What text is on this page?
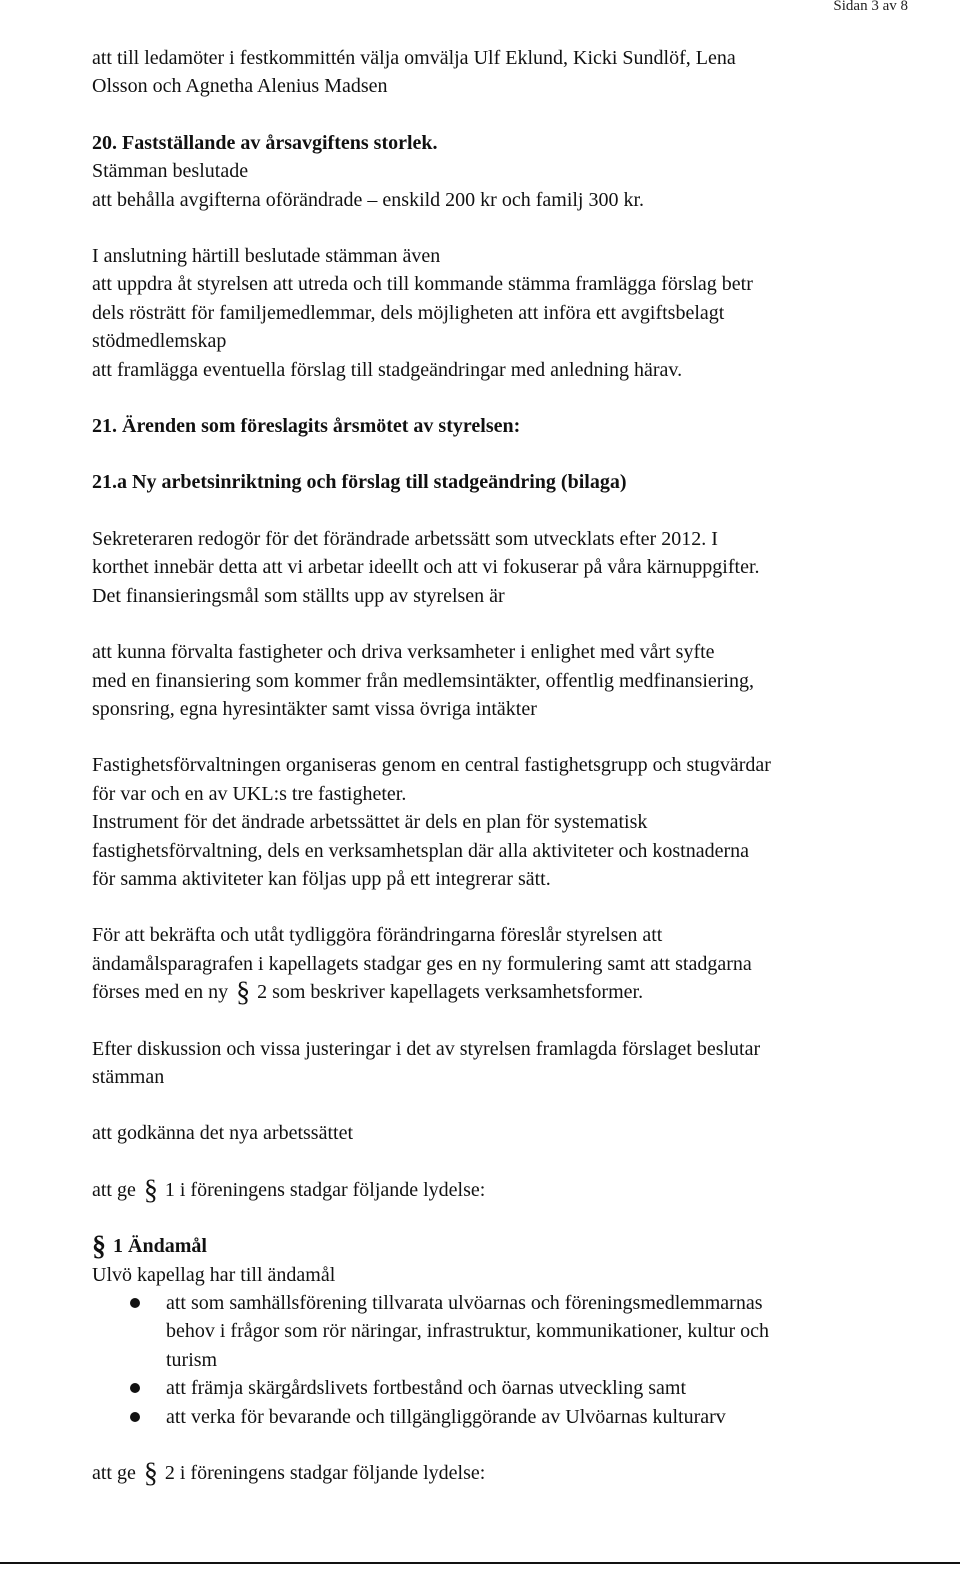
Sidan 3 av 8
att till ledamöter i festkommittén välja omvälja Ulf Eklund, Kicki Sundlöf, Lena
Olsson och Agnetha Alenius Madsen
20. Fastställande av årsavgiftens storlek.
Stämman beslutade
att behålla avgifterna oförändrade – enskild 200 kr och familj 300 kr.
I anslutning härtill beslutade stämman även
att uppdra åt styrelsen att utreda och till kommande stämma framlägga förslag betr
dels rösträtt för familjemedlemmar, dels möjligheten att införa ett avgiftsbelagt
stödmedlemskap
att framlägga eventuella förslag till stadgeändringar med anledning härav.
21. Ärenden som föreslagits årsmötet av styrelsen:
21.a Ny arbetsinriktning och förslag till stadgeändring (bilaga)
Sekreteraren redogör för det förändrade arbetssätt som utvecklats efter 2012. I
korthet innebär detta att vi arbetar ideellt och att vi fokuserar på våra kärnuppgifter.
Det finansieringsmål som ställts upp av styrelsen är
att kunna förvalta fastigheter och driva verksamheter i enlighet med vårt syfte
med en finansiering som kommer från medlemsintäkter, offentlig medfinansiering,
sponsring, egna hyresintäkter samt vissa övriga intäkter
Fastighetsförvaltningen organiseras genom en central fastighetsgrupp och stugvärdar
för var och en av UKL:s tre fastigheter.
Instrument för det ändrade arbetssättet är dels en plan för systematisk
fastighetsförvaltning, dels en verksamhetsplan där alla aktiviteter och kostnaderna
för samma aktiviteter kan följas upp på ett integrerar sätt.
För att bekräfta och utåt tydliggöra förändringarna föreslår styrelsen att
ändamålsparagrafen i kapellagets stadgar ges en ny formulering samt att stadgarna
förses med en ny § 2 som beskriver kapellagets verksamhetsformer.
Efter diskussion och vissa justeringar i det av styrelsen framlagda förslaget beslutar
stämman
att godkänna det nya arbetssättet
att ge § 1 i föreningens stadgar följande lydelse:
§ 1 Ändamål
Ulvö kapellag har till ändamål
att som samhällsförening tillvarata ulvöarnas och föreningsmedlemmarnas
behov i frågor som rör näringar, infrastruktur, kommunikationer, kultur och
turism
att främja skärgårdslivets fortbestånd och öarnas utveckling samt
att verka för bevarande och tillgängliggörande av Ulvöarnas kulturarv
att ge § 2 i föreningens stadgar följande lydelse:
